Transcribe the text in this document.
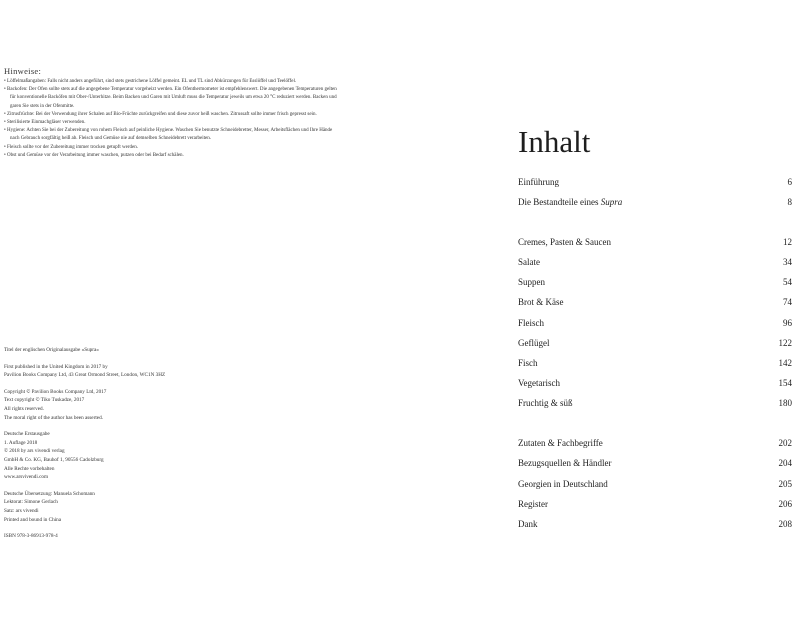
Hinweise:
• Löffelmaßangaben: Falls nicht anders angeführt, sind stets gestrichene Löffel gemeint. EL und TL sind Abkürzungen für Esslöffel und Teelöffel.
• Backofen: Der Ofen sollte stets auf die angegebene Temperatur vorgeheizt werden. Ein Ofenthermometer ist empfehlenswert. Die angegebenen Temperaturen gelten für konventionelle Backöfen mit Ober-/Unterhitze. Beim Backen und Garen mit Umluft muss die Temperatur jeweils um etwa 20 °C reduziert werden. Backen und garen Sie stets in der Ofenmitte.
• Zitrusfrüchte: Bei der Verwendung ihrer Schalen auf Bio-Früchte zurückgreifen und diese zuvor heiß waschen. Zitrussaft sollte immer frisch gepresst sein.
• Sterilisierte Einmachgläser verwenden.
• Hygiene: Achten Sie bei der Zubereitung von rohem Fleisch auf peinliche Hygiene. Waschen Sie benutzte Schneidebretter, Messer, Arbeitsflächen und Ihre Hände nach Gebrauch sorgfältig heiß ab. Fleisch und Gemüse nie auf demselben Schneidebrett verarbeiten.
• Fleisch sollte vor der Zubereitung immer trocken getupft werden.
• Obst und Gemüse vor der Verarbeitung immer waschen, putzen oder bei Bedarf schälen.
Titel der englischen Originalausgabe »Supra«
First published in the United Kingdom in 2017 by
Pavilion Books Company Ltd, 43 Great Ormond Street, London, WC1N 3HZ
Copyright © Pavilion Books Company Ltd, 2017
Text copyright © Tiko Tuskadze, 2017
All rights reserved.
The moral right of the author has been asserted.
Deutsche Erstausgabe
1. Auflage 2018
© 2018 by ars vivendi verlag
GmbH & Co. KG, Bauhof 1, 90556 Cadolzburg
Alle Rechte vorbehalten
www.arsvivendi.com
Deutsche Übersetzung: Manuela Schomann
Lektorat: Simone Gerlach
Satz: ars vivendi
Printed and bound in China
ISBN 978-3-86913-978-4
Inhalt
Einführung	6
Die Bestandteile eines Supra	8
Cremes, Pasten & Saucen	12
Salate	34
Suppen	54
Brot & Käse	74
Fleisch	96
Geflügel	122
Fisch	142
Vegetarisch	154
Fruchtig & süß	180
Zutaten & Fachbegriffe	202
Bezugsquellen & Händler	204
Georgien in Deutschland	205
Register	206
Dank	208
